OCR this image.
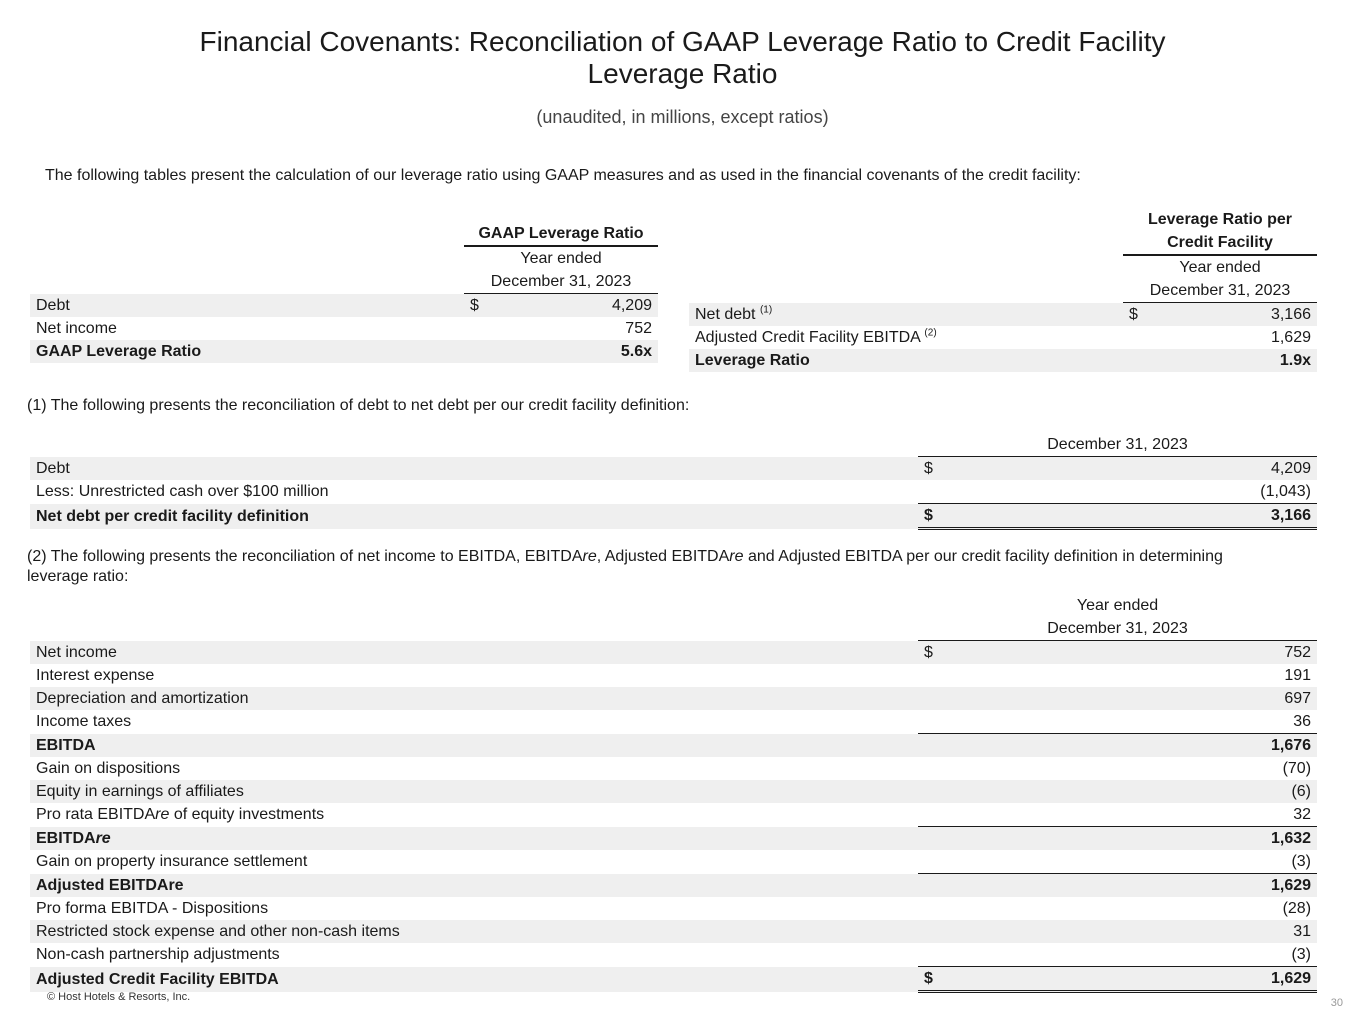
Financial Covenants: Reconciliation of GAAP Leverage Ratio to Credit Facility
Leverage Ratio
(unaudited, in millions, except ratios)
The following tables present the calculation of our leverage ratio using GAAP measures and as used in the financial covenants of the credit facility:
	GAAP Leverage Ratio	
	Year ended	
	December 31, 2023	
Debt	$	4,209
Net income		752
GAAP Leverage Ratio		5.6x

	Leverage Ratio per
Credit Facility	

	Year ended	
	December 31, 2023	
Net debt $^{(1)}$	$	3,166
Adjusted Credit Facility EBITDA $^{(2)}$		1,629
Leverage Ratio		1.9x
(1) The following presents the reconciliation of debt to net debt per our credit facility definition:
	December 31, 2023	
Debt	$	4,209
Less: Unrestricted cash over $100 million		(1,043)
Net debt per credit facility definition	$	3,166
(2) The following presents the reconciliation of net income to EBITDA, EBITDAre, Adjusted EBITDAre and Adjusted EBITDA per our credit facility definition in determining
leverage ratio:
	Year ended	
	December 31, 2023	
Net income	$	752
Interest expense		191
Depreciation and amortization		697
Income taxes		36
EBITDA		1,676
Gain on dispositions		(70)
Equity in earnings of affiliates		(6)
Pro rata EBITDAre of equity investments		32
EBITDAre		1,632
Gain on property insurance settlement		(3)
Adjusted EBITDAre		1,629
Pro forma EBITDA - Dispositions		(28)
Restricted stock expense and other non-cash items		31
Non-cash partnership adjustments		(3)
Adjusted Credit Facility EBITDA	$	1,629
© Host Hotels & Resorts, Inc.	30
